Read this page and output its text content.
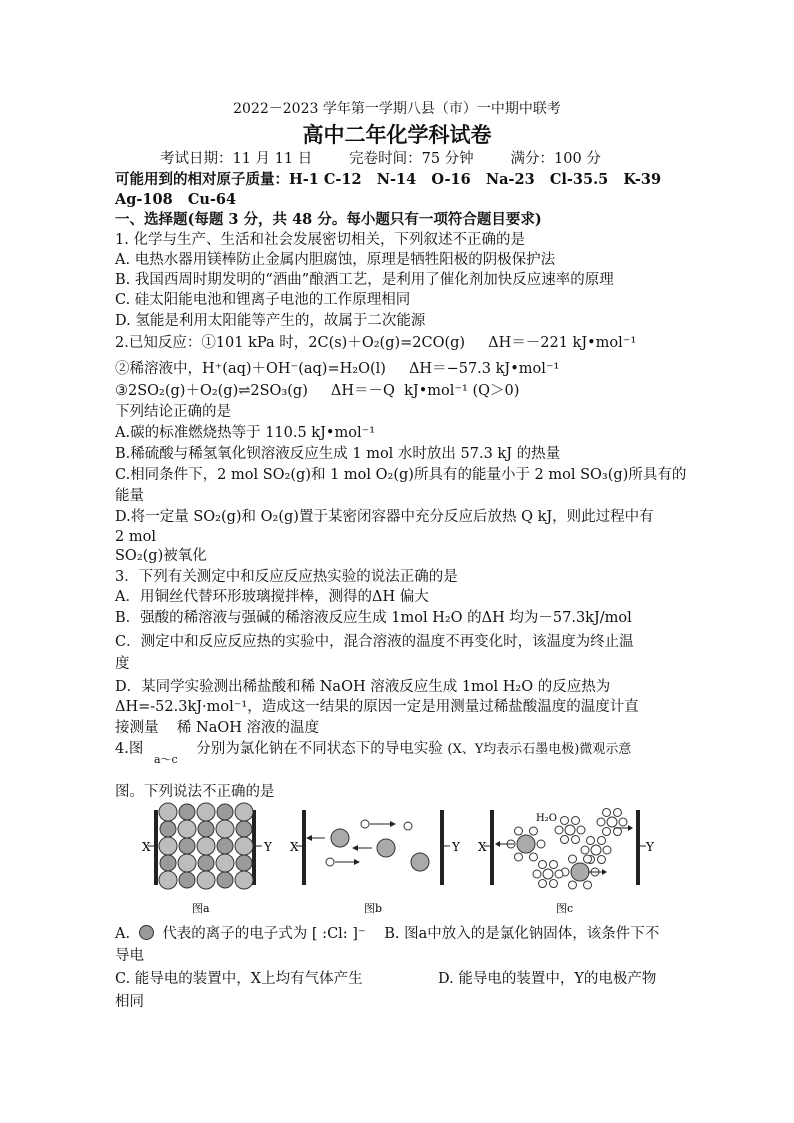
2022－2023 学年第一学期八县（市）一中期中联考
高中二年化学科试卷
考试日期：11 月 11 日        完卷时间：75 分钟        满分：100 分
可能用到的相对原子质量：H-1 C-12   N-14   O-16   Na-23   Cl-35.5   K-39
Ag-108   Cu-64
一、选择题(每题 3 分，共 48 分。每小题只有一项符合题目要求)
1. 化学与生产、生活和社会发展密切相关，下列叙述不正确的是
A. 电热水器用镁棒防止金属内胆腐蚀，原理是牺牲阳极的阴极保护法
B. 我国西周时期发明的“酒曲”酿酒工艺，是利用了催化剂加快反应速率的原理
C. 硅太阳能电池和锂离子电池的工作原理相同
D. 氢能是利用太阳能等产生的，故属于二次能源
2.已知反应：①101 kPa 时，2C(s)＋O₂(g)=2CO(g)     ΔH＝－221 kJ•mol⁻¹
②稀溶液中，H⁺(aq)＋OH⁻(aq)=H₂O(l)     ΔH＝−57.3 kJ•mol⁻¹
③2SO₂(g)＋O₂(g)⇌2SO₃(g)     ΔH＝－Q  kJ•mol⁻¹ (Q＞0)
下列结论正确的是
A.碳的标准燃烧热等于 110.5 kJ•mol⁻¹
B.稀硫酸与稀氢氧化钡溶液反应生成 1 mol 水时放出 57.3 kJ 的热量
C.相同条件下，2 mol SO₂(g)和 1 mol O₂(g)所具有的能量小于 2 mol SO₃(g)所具有的
能量
D.将一定量 SO₂(g)和 O₂(g)置于某密闭容器中充分反应后放热 Q kJ，则此过程中有
2 mol
SO₂(g)被氧化
3．下列有关测定中和反应反应热实验的说法正确的是
A．用铜丝代替环形玻璃搅拌棒，测得的ΔH 偏大
B．强酸的稀溶液与强碱的稀溶液反应生成 1mol H₂O 的ΔH 均为－57.3kJ/mol
C．测定中和反应反应热的实验中，混合溶液的温度不再变化时，该温度为终止温
度
D．某同学实验测出稀盐酸和稀 NaOH 溶液反应生成 1mol H₂O 的反应热为
ΔH=-52.3kJ·mol⁻¹，造成这一结果的原因一定是用测量过稀盐酸温度的温度计直
接测量    稀 NaOH 溶液的温度
4.图 $_{a\sim c}$ 分别为氯化钠在不同状态下的导电实验 (X、Y均表示石墨电极)微观示意
图。下列说法不正确的是
X	Y
图a
X	Y
图b
X	Y
H₂O
图c
A. 代表的离子的电子式为 [ :Cl: ]⁻ B. 图a中放入的是氯化钠固体，该条件下不
导电
C. 能导电的装置中，X上均有气体产生	D. 能导电的装置中，Y的电极产物
相同
